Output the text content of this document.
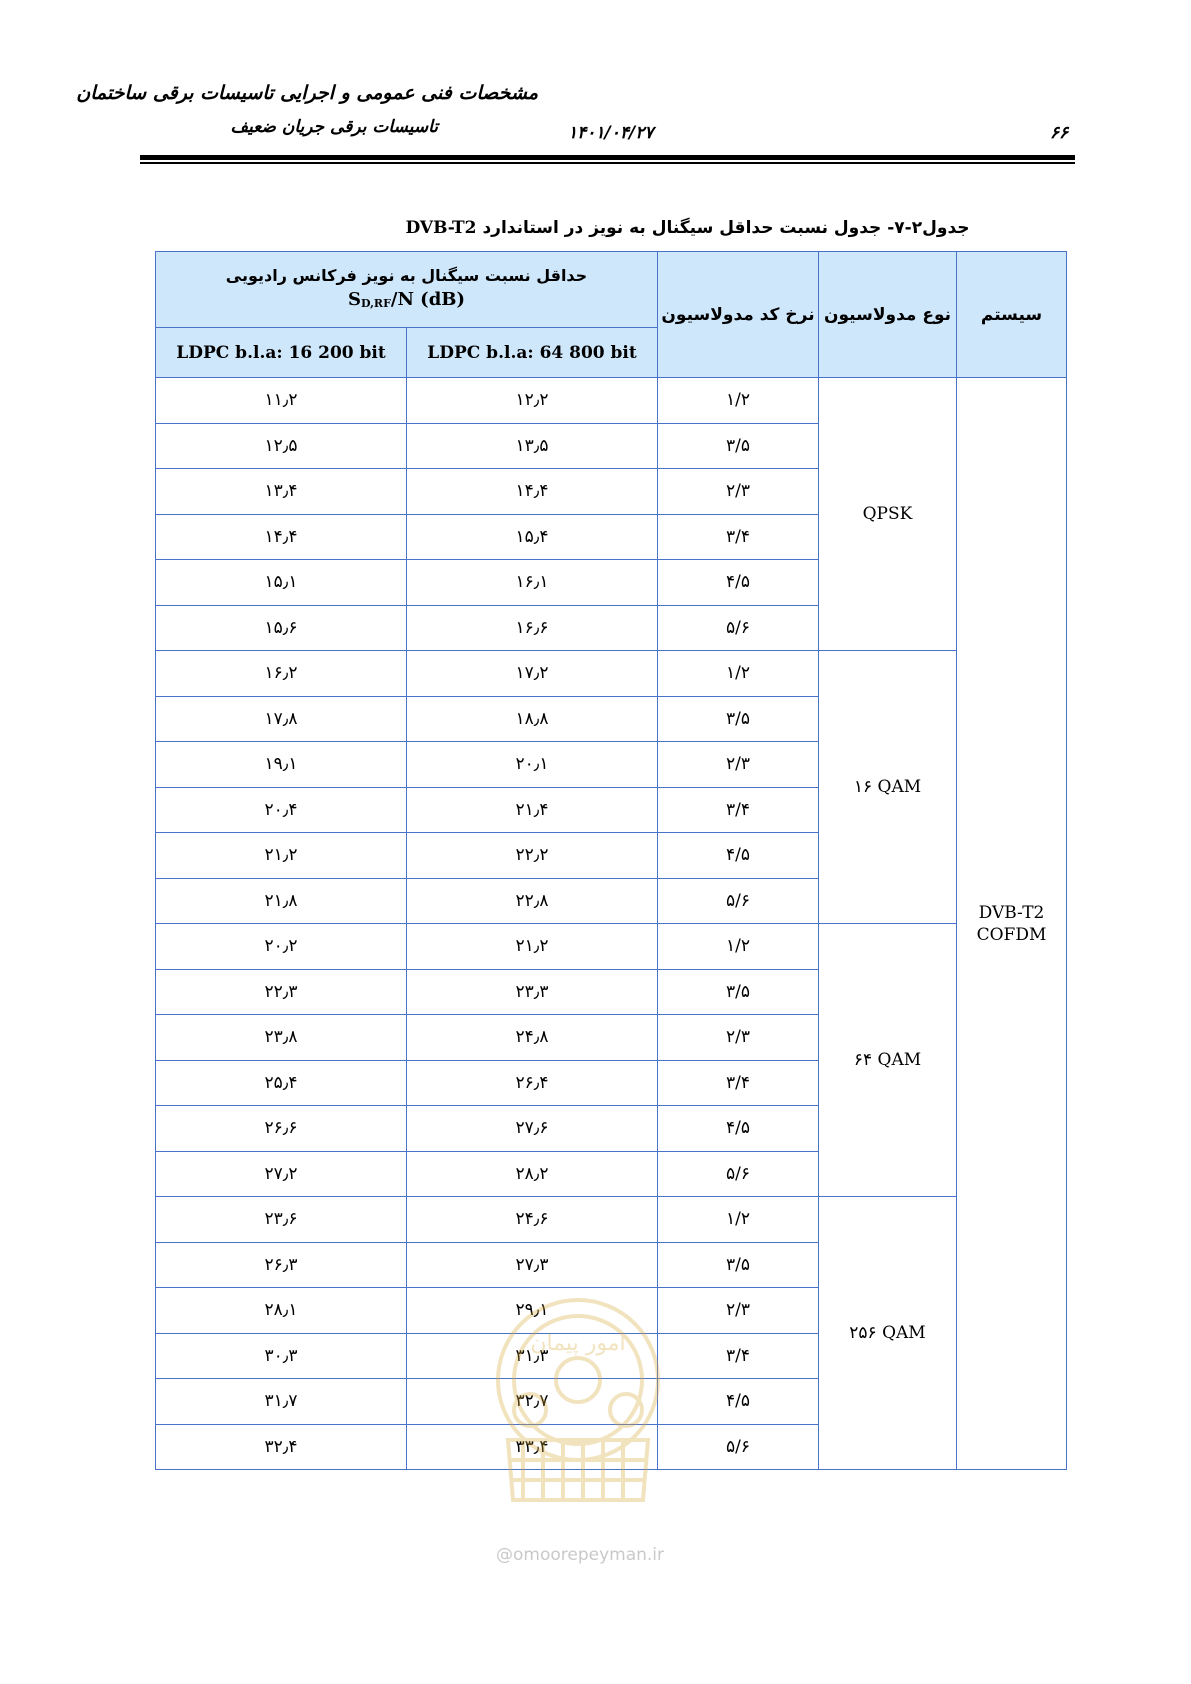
مشخصات فنی عمومی و اجرایی تاسیسات برقی ساختمان
تاسیسات برقی جریان ضعیف	۱۴۰۱/۰۴/۲۷	۶۶
جدول۲-۷- جدول نسبت حداقل سیگنال به نویز در استاندارد DVB-T2
حداقل نسبت سیگنال به نویز فرکانس رادیویی
$S_{D,RF}/N$ (dB)		نرخ کد مدولاسیون	نوع مدولاسیون	سیستم
LDPC b.l.a: 16 200 bit	LDPC b.l.a: 64 800 bit			
۱۱٫۲	۱۲٫۲	۱/۲	QPSK	DVB-T2
COFDM

۱۲٫۵	۱۳٫۵	۳/۵		
۱۳٫۴	۱۴٫۴	۲/۳		
۱۴٫۴	۱۵٫۴	۳/۴		
۱۵٫۱	۱۶٫۱	۴/۵		
۱۵٫۶	۱۶٫۶	۵/۶		
۱۶٫۲	۱۷٫۲	۱/۲	۱۶ QAM	
۱۷٫۸	۱۸٫۸	۳/۵		
۱۹٫۱	۲۰٫۱	۲/۳		
۲۰٫۴	۲۱٫۴	۳/۴		
۲۱٫۲	۲۲٫۲	۴/۵		
۲۱٫۸	۲۲٫۸	۵/۶		
۲۰٫۲	۲۱٫۲	۱/۲	۶۴ QAM	
۲۲٫۳	۲۳٫۳	۳/۵		
۲۳٫۸	۲۴٫۸	۲/۳		
۲۵٫۴	۲۶٫۴	۳/۴		
۲۶٫۶	۲۷٫۶	۴/۵		
۲۷٫۲	۲۸٫۲	۵/۶		
۲۳٫۶	۲۴٫۶	۱/۲	۲۵۶ QAM	
۲۶٫۳	۲۷٫۳	۳/۵		
۲۸٫۱	۲۹٫۱	۲/۳		
۳۰٫۳	۳۱٫۳	۳/۴		
۳۱٫۷	۳۲٫۷	۴/۵		
۳۲٫۴	۳۳٫۴	۵/۶		
امور پیمان
@omoorepeyman.ir
